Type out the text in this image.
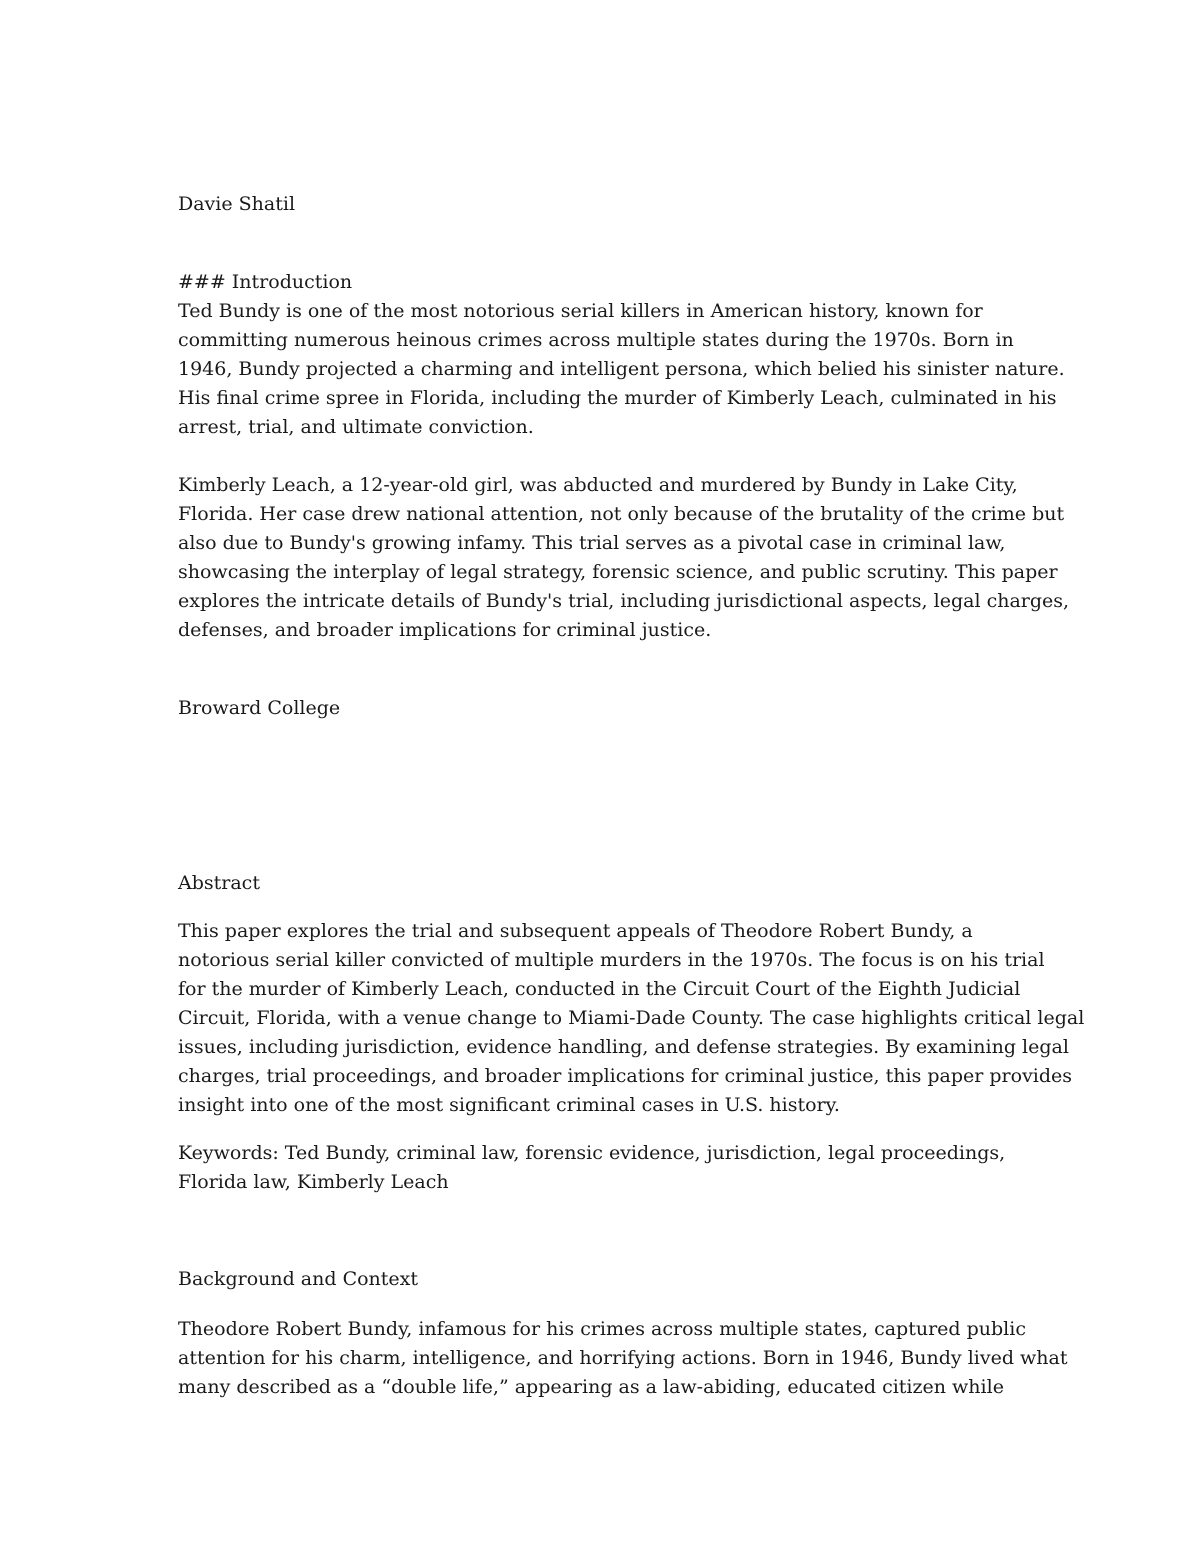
Davie Shatil

### Introduction

Ted Bundy is one of the most notorious serial killers in American history, known for
committing numerous heinous crimes across multiple states during the 1970s. Born in
1946, Bundy projected a charming and intelligent persona, which belied his sinister nature.
His final crime spree in Florida, including the murder of Kimberly Leach, culminated in his
arrest, trial, and ultimate conviction.
Kimberly Leach, a 12-year-old girl, was abducted and murdered by Bundy in Lake City,
Florida. Her case drew national attention, not only because of the brutality of the crime but
also due to Bundy's growing infamy. This trial serves as a pivotal case in criminal law,
showcasing the interplay of legal strategy, forensic science, and public scrutiny. This paper
explores the intricate details of Bundy's trial, including jurisdictional aspects, legal charges,
defenses, and broader implications for criminal justice.

Broward College

Abstract

This paper explores the trial and subsequent appeals of Theodore Robert Bundy, a
notorious serial killer convicted of multiple murders in the 1970s. The focus is on his trial
for the murder of Kimberly Leach, conducted in the Circuit Court of the Eighth Judicial
Circuit, Florida, with a venue change to Miami-Dade County. The case highlights critical legal
issues, including jurisdiction, evidence handling, and defense strategies. By examining legal
charges, trial proceedings, and broader implications for criminal justice, this paper provides
insight into one of the most significant criminal cases in U.S. history.
Keywords: Ted Bundy, criminal law, forensic evidence, jurisdiction, legal proceedings,
Florida law, Kimberly Leach

Background and Context

Theodore Robert Bundy, infamous for his crimes across multiple states, captured public
attention for his charm, intelligence, and horrifying actions. Born in 1946, Bundy lived what
many described as a “double life,” appearing as a law-abiding, educated citizen while
